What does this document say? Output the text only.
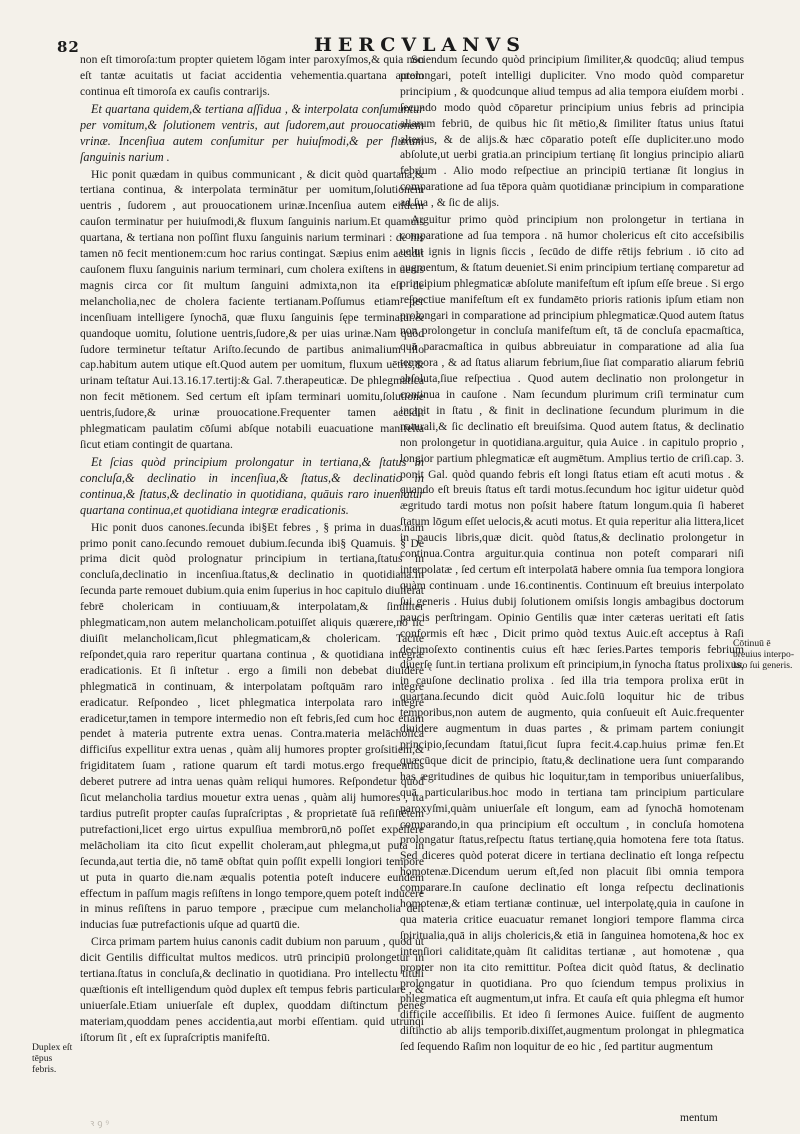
82	HERCVLANVS

non eſt timoroſa:tum propter quietem lōgam inter paroxyſmos,& quia non eſt tantæ acuitatis ut faciat accidentia vehementia.quartana autem continua eſt timoroſa ex cauſis contrarijs.

Et quartana quidem,& tertiana aſſidua , & interpolata conſumuntur per vomitum,& ſolutionem ventris, aut ſudorem,aut prouocationem vrinæ. Incenſiua autem conſumitur per huiuſmodi,& per fluxum ſanguinis narium .

Hic ponit quædam in quibus communicant , & dicit quòd quartana,& tertiana continua, & interpolata terminātur per uomitum,ſolutionem uentris , ſudorem , aut prouocationem urinæ.Incenſiua autem eiſdem cauſon terminatur per huiuſmodi,& fluxum ſanguinis narium.Et quamuis quartana, & tertiana non poſſint fluxu ſanguinis narium terminari : de his tamen nō fecit mentionem:cum hoc rarius contingat. Sæpius enim accidit cauſonem fluxu ſanguinis narium terminari, cum cholera exiſtens in uenis magnis circa cor ſit multum ſanguini admixta,non ita eſt de melancholia,nec de cholera faciente tertianam.Poſſumus etiam per incenſiuam intelligere ſynochā, quæ fluxu ſanguinis ſępe terminatur.& quandoque uomitu, ſolutione uentris,ſudore,& per uias urinæ.Nam quòd ſudore terminetur teſtatur Ariſto.ſecundo de partibus animalium illo cap.habitum autem utique eſt.Quod autem per uomitum, fluxum uētris,& urinam teſtatur Aui.13.16.17.tertij:& Gal. 7.therapeuticæ. De phlegmatica non fecit mētionem. Sed certum eſt ipſam terminari uomitu,ſolutione uentris,ſudore,& urinæ prouocatione.Frequenter tamen accidit phlegmaticam paulatim cōſumi abſque notabili euacuatione manifeſta ſicut etiam contingit de quartana.

Et ſcias quòd principium prolongatur in tertiana,& ſtatus in concluſa,& declinatio in incenſiua,& ſtatus,& declinatio in continua,& ſtatus,& declinatio in quotidiana, quāuis raro inueniatur quartana continua,et quotidiana integræ eradicationis.

Hic ponit duos canones.ſecunda ibi§Et febres , § prima in duas.nam primo ponit cano.ſecundo remouet dubium.ſecunda ibi§ Quamuis. § De prima dicit quòd prolognatur principium in tertiana,ſtatus in concluſa,declinatio in incenſiua.ſtatus,& declinatio in quotidiana.In ſecunda parte remouet dubium.quia enim ſuperius in hoc capitulo diuiſerat febrē cholericam in contiuuam,& interpolatam,& ſimiliter phlegmaticam,non autem melancholicam.potuiſſet aliquis quærere,nō ſic diuiſit melancholicam,ſicut phlegmaticam,& cholericam. Tacite reſpondet,quia raro reperitur quartana continua , & quotidiana integræ eradicationis. Et ſi inſtetur . ergo a ſimili non debebat diuidere phlegmaticā in continuam, & interpolatam poſtquām raro integre eradicatur. Reſpondeo , licet phlegmatica interpolata raro integre eradicetur,tamen in tempore intermedio non eſt febris,ſed cum hoc etiam pendet à materia putrente extra uenas. Contra.materia melācholica difficiſus expellitur extra uenas , quàm alij humores propter groſsitiem,& frigiditatem ſuam , ratione quarum eſt tardi motus.ergo frequentius deberet putrere ad intra uenas quàm reliqui humores. Reſpondetur quòd ſicut melancholia tardius mouetur extra uenas , quàm alij humores , ita tardius putreſit propter cauſas ſupraſcriptas , & proprietatē ſuā reſiſtētem putrefactioni,licet ergo uirtus expulſiua membrorū,nō poſſet expellere melācholiam ita cito ſicut expellit choleram,aut phlegma,ut puta in ſecunda,aut tertia die, nō tamē obſtat quin poſſit expelli longiori tempore ut puta in quarto die.nam æqualis potentia poteſt inducere eundem effectum in paſſum magis reſiſtens in longo tempore,quem poteſt inducere in minus reſiſtens in paruo tempore , præcipue cum melancholia deſt inducias ſuæ putrefactionis uſque ad quartū die.

Circa primam partem huius canonis cadit dubium non paruum , quod ut dicit Gentilis difficultat multos medicos. utrū principiū prolongetur in tertiana.ſtatus in concluſa,& declinatio in quotidiana. Pro intellectu tituli quæſtionis eſt intelligendum quòd duplex eſt tempus febris particulare , & uniuerſale.Etiam uniuerſale eſt duplex, quoddam diſtinctum penes materiam,quoddam penes accidentia,aut morbi eſſentiam. quid utrunqi iſtorum ſit , eſt ex ſupraſcriptis manifeſtū.

Sciendum ſecundo quòd principium ſimiliter,& quodcūq; aliud tempus prolongari, poteſt intelligi dupliciter. Vno modo quòd comparetur principium , & quodcunque aliud tempus ad alia tempora eiuſdem morbi . ſecundo modo quòd cōparetur principium unius febris ad principia aliarum febriū, de quibus hic ſit mētio,& ſimiliter ſtatus unius ſtatui alterius, & de alijs.& hæc cōparatio poteſt eſſe dupliciter.uno modo abſolute,ut uerbi gratia.an principium tertianę ſit longius principio aliarū febrium . Alio modo reſpectiue an principiū tertianæ ſit longius in comparatione ad ſua tēpora quàm quotidianæ principium in comparatione ad ſua , & ſic de alijs.

Arguitur primo quòd principium non prolongetur in tertiana in comparatione ad ſua tempora . nā humor cholericus eſt cito acceſsibilis uelut ignis in lignis ſiccis , ſecūdo de diffe rētijs febrium . iō cito ad augmentum, & ſtatum deueniet.Si enim principium tertianę comparetur ad principium phlegmaticæ abſolute manifeſtum eſt ipſum eſſe breue . Si ergo reſpectiue manifeſtum eſt ex fundamēto prioris rationis ipſum etiam non prolongari in comparatione ad principium phlegmaticæ.Quod autem ſtatus non prolongetur in concluſa manifeſtum eſt, tā de concluſa epacmaſtica, quā paracmaſtica in quibus abbreuiatur in comparatione ad alia ſua tempora , & ad ſtatus aliarum febrium,ſiue ſiat comparatio aliarum febriū abſoluta,ſiue reſpectiua . Quod autem declinatio non prolongetur in continua in cauſone . Nam ſecundum plurimum criſi terminatur cum incipit in ſtatu , & finit in declinatione ſecundum plurimum in die naturali,& ſic declinatio eſt breuiſsima. Quod autem ſtatus, & declinatio non prolongetur in quotidiana.arguitur, quia Auice . in capitulo proprio , longior partium phlegmaticæ eſt augmētum. Amplius tertio de criſi.cap. 3. ponit Gal. quòd quando febris eſt longi ſtatus etiam eſt acuti motus . & quando eſt breuis ſtatus eſt tardi motus.ſecundum hoc igitur uidetur quòd ægritudo tardi motus non poſsit habere ſtatum longum.quia ſi haberet ſtatum lōgum eſſet uelocis,& acuti motus. Et quia reperitur alia littera,licet in paucis libris,quæ dicit. quòd ſtatus,& declinatio prolongetur in continua.Contra arguitur.quia continua non poteſt comparari niſi interpolatæ , ſed certum eſt interpolatā habere omnia ſua tempora longiora quàm continuam . unde 16.continentis. Continuum eſt breuius interpolato ſui generis . Huius dubij ſolutionem omiſsis longis ambagibus doctorum paucis perſtringam. Opinio Gentilis quæ inter cæteras ueritati eſt ſatis conformis eſt hæc , Dicit primo quòd textus Auic.eſt acceptus à Raſi decimoſexto continentis cuius eſt hæc ſeries.Partes temporis febrium diuerſę ſunt.in tertiana prolixum eſt principium,in ſynocha ſtatus prolixus, in cauſone declinatio prolixa . ſed illa tria tempora prolixa erūt in quartana.ſecundo dicit quòd Auic.ſolū loquitur hic de tribus temporibus,non autem de augmento, quia conſueuit eſt Auic.frequenter diuidere augmentum in duas partes , & primam partem coniungit principio,ſecundam ſtatui,ſicut ſupra fecit.4.cap.huius primæ fen.Et quæcūque dicit de principio, ſtatu,& declinatione uera ſunt comparando has ægritudines de quibus hic loquitur,tam in temporibus uniuerſalibus, quā particularibus.hoc modo in tertiana tam principium particulare paroxyſmi,quàm uniuerſale eſt longum, eam ad ſynochā homotenam comparando,in qua principium eſt occultum , in concluſa homotena prolongatur ſtatus,reſpectu ſtatus tertianę,quia homotena fere tota ſtatus. Sed diceres quòd poterat dicere in tertiana declinatio eſt longa reſpectu homotenæ.Dicendum uerum eſt,ſed non placuit ſibi omnia tempora comparare.In cauſone declinatio eſt longa reſpectu declinationis homotenæ,& etiam tertianæ continuæ, uel interpolatę,quia in cauſone in qua materia critice euacuatur remanet longiori tempore flamma circa ſpiritualia,quā in alijs cholericis,& etiā in ſanguinea homotena,& hoc ex intenſiori caliditate,quàm ſit caliditas tertianæ , aut homotenæ , qua propter non ita cito remittitur. Poſtea dicit quòd ſtatus, & declinatio prolongatur in quotidiana. Pro quo ſciendum tempus prolixius in phlegmatica eſt augmentum,ut infra. Et cauſa eſt quia phlegma eſt humor difficile acceſſibilis. Et ideo ſi ſermones Auice. fuiſſent de augmento diſtinctio ab alijs temporib.dixiſſet,augmentum prolongat in phlegmatica ſed ſequendo Raſim non loquitur de eo hic , ſed partitur augmentum

Duplex eſt tēpus febris.
Cōtinuū ē breuius interpo- lato ſui generis.
mentum
ꝛꝯꝰ
